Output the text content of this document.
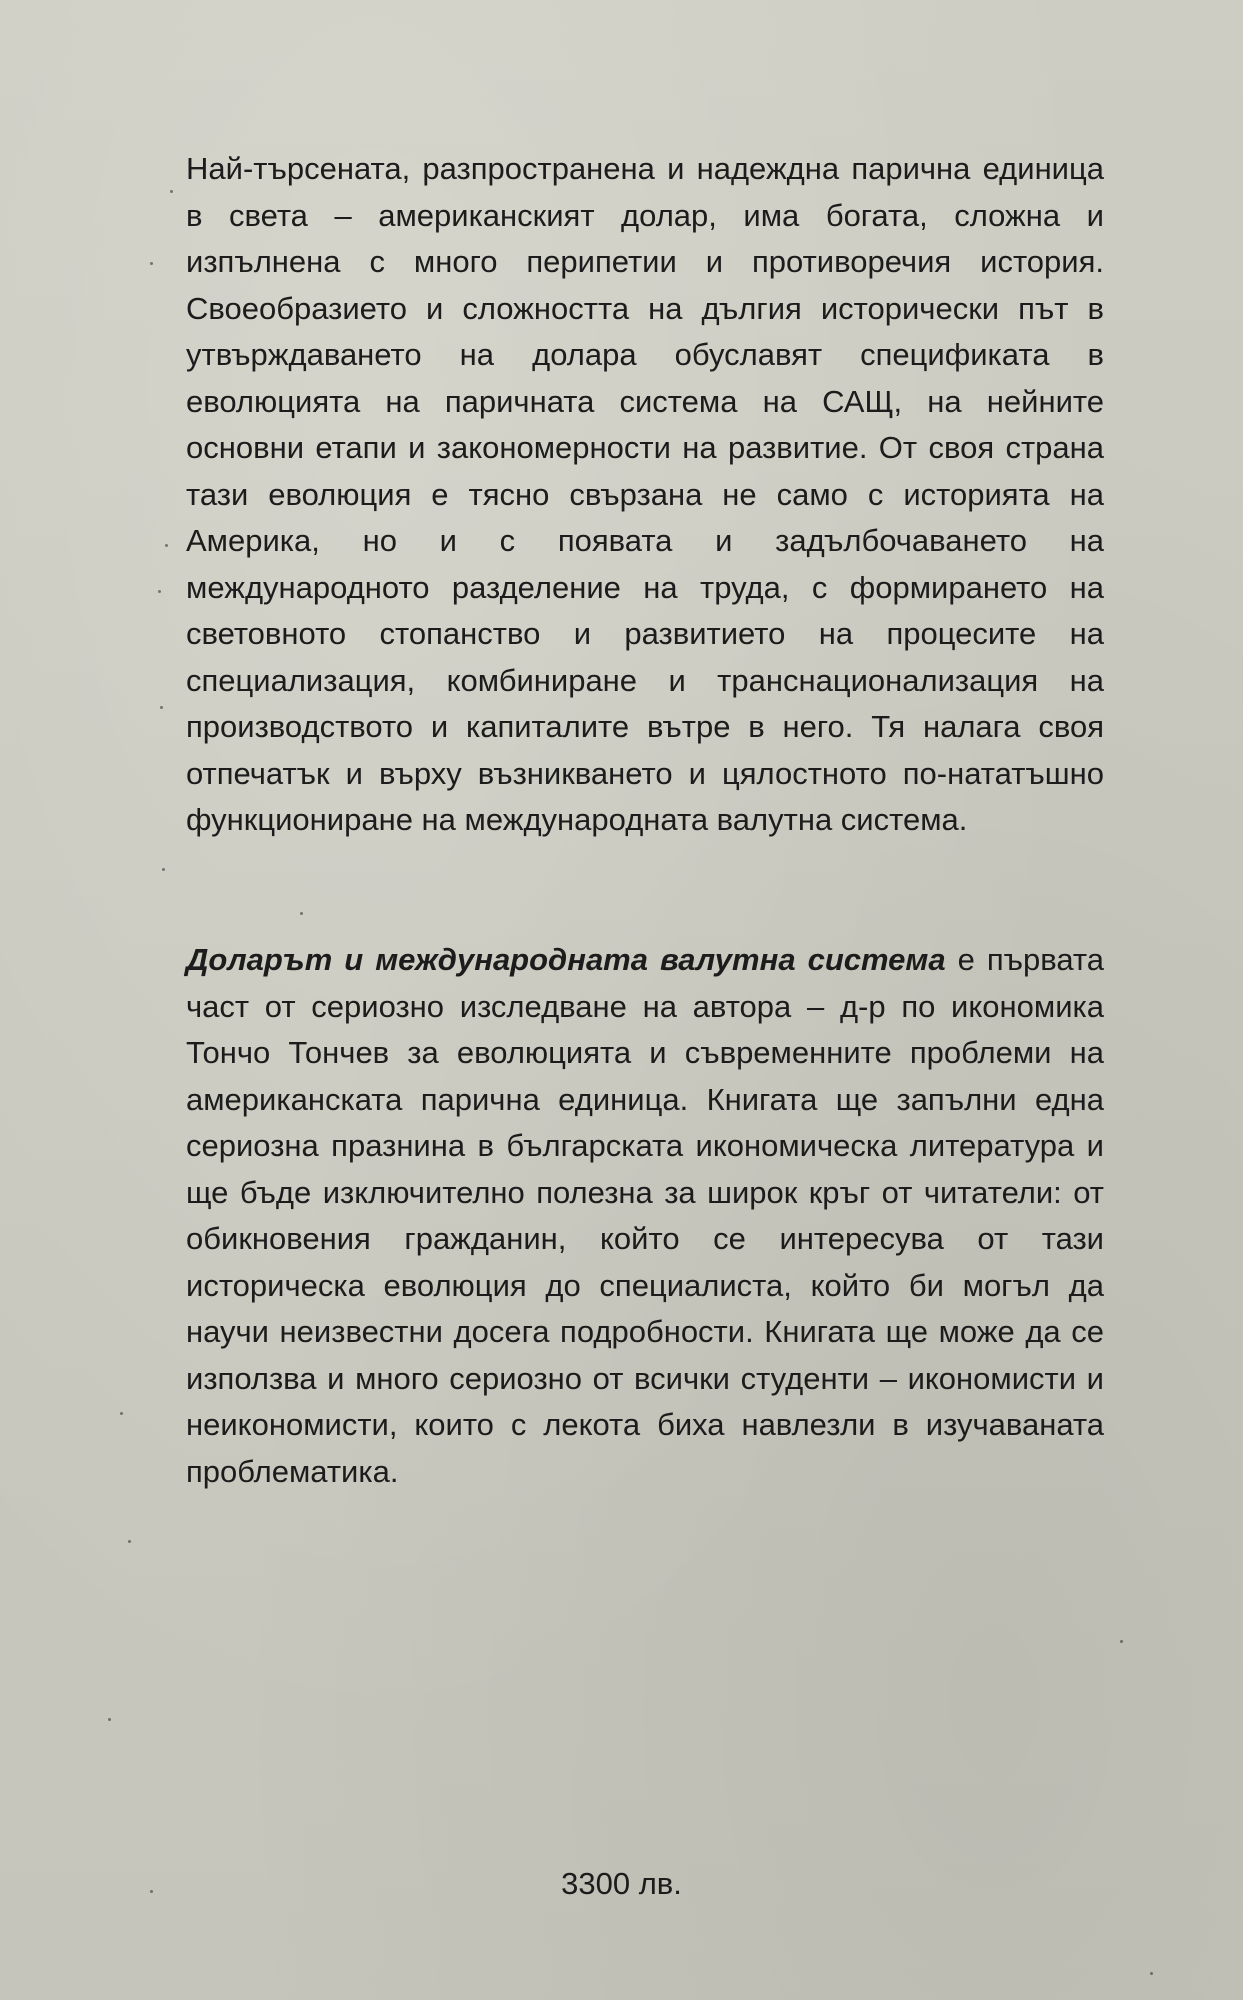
Най-търсената, разпространена и надеждна парична единица в света – американският долар, има богата, сложна и изпълнена с много перипетии и противоречия история. Своеобразието и сложността на дългия исторически път в утвърждаването на долара обуславят спецификата в еволюцията на паричната система на САЩ, на нейните основни етапи и закономерности на развитие. От своя страна тази еволюция е тясно свързана не само с историята на Америка, но и с появата и задълбочаването на международното разделение на труда, с формирането на световното стопанство и развитието на процесите на специализация, комбиниране и транснационализация на производството и капиталите вътре в него. Тя налага своя отпечатък и върху възникването и цялостното по-нататъшно функциониране на международната валутна система.

Доларът и международната валутна система е първата част от сериозно изследване на автора – д-р по икономика Тончо Тончев за еволюцията и съвременните проблеми на американската парична единица. Книгата ще запълни една сериозна празнина в българската икономическа литература и ще бъде изключително полезна за широк кръг от читатели: от обикновения гражданин, който се интересува от тази историческа еволюция до специалиста, който би могъл да научи неизвестни досега подробности. Книгата ще може да се използва и много сериозно от всички студенти – икономисти и неикономисти, които с лекота биха навлезли в изучаваната проблематика.

3300 лв.
